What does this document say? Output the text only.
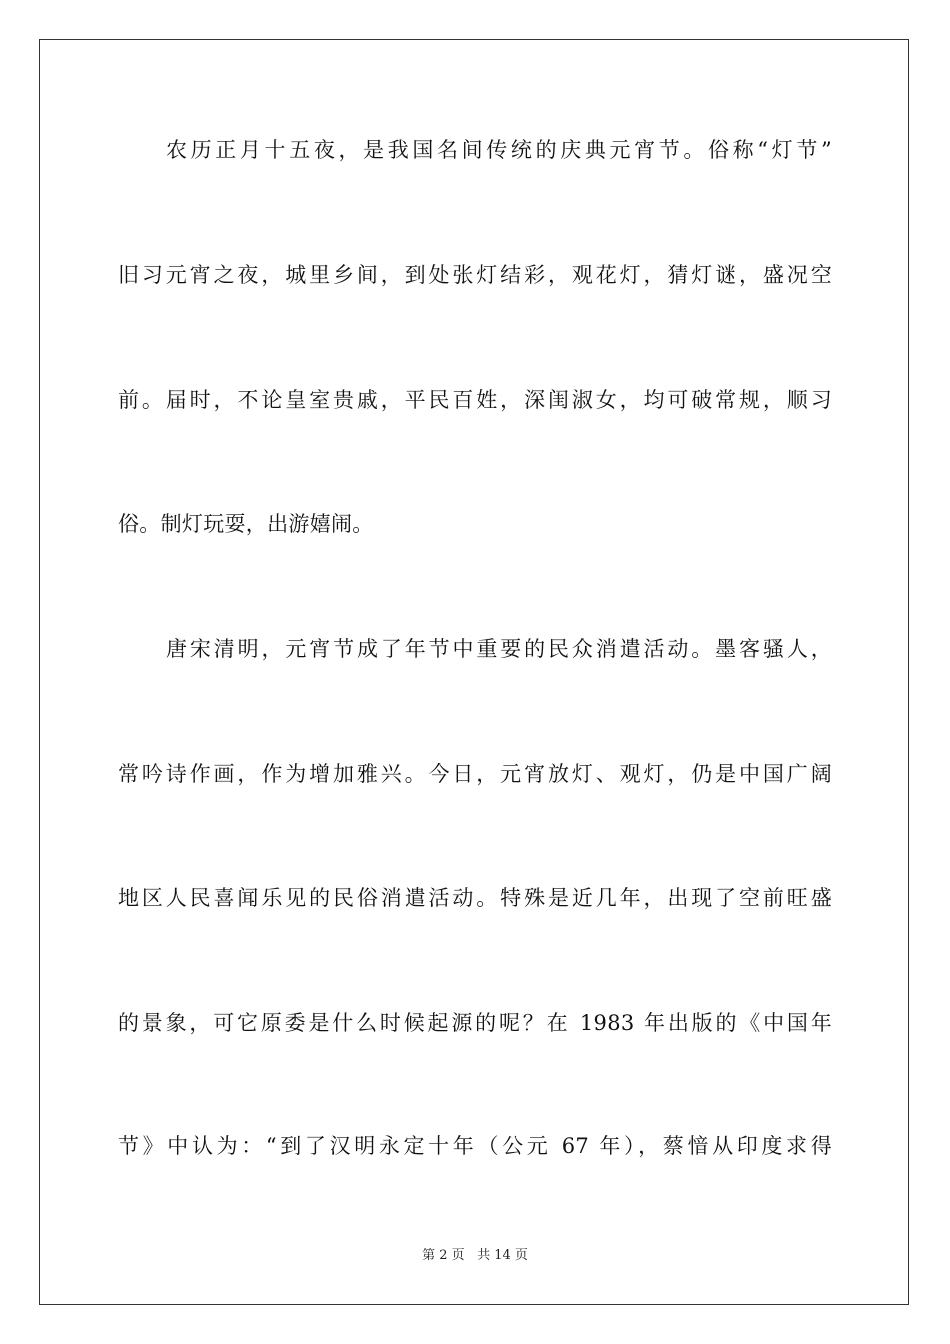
农历正月十五夜，是我国名间传统的庆典元宵节。俗称“灯节”
旧习元宵之夜，城里乡间，到处张灯结彩，观花灯，猜灯谜，盛况空
前。届时，不论皇室贵戚，平民百姓，深闺淑女，均可破常规，顺习
俗。制灯玩耍，出游嬉闹。
唐宋清明，元宵节成了年节中重要的民众消遣活动。墨客骚人，
常吟诗作画，作为增加雅兴。今日，元宵放灯、观灯，仍是中国广阔
地区人民喜闻乐见的民俗消遣活动。特殊是近几年，出现了空前旺盛
的景象，可它原委是什么时候起源的呢？在 1983 年出版的《中国年
节》中认为：“到了汉明永定十年（公元 67 年），蔡愔从印度求得
第 2 页 共 14 页
